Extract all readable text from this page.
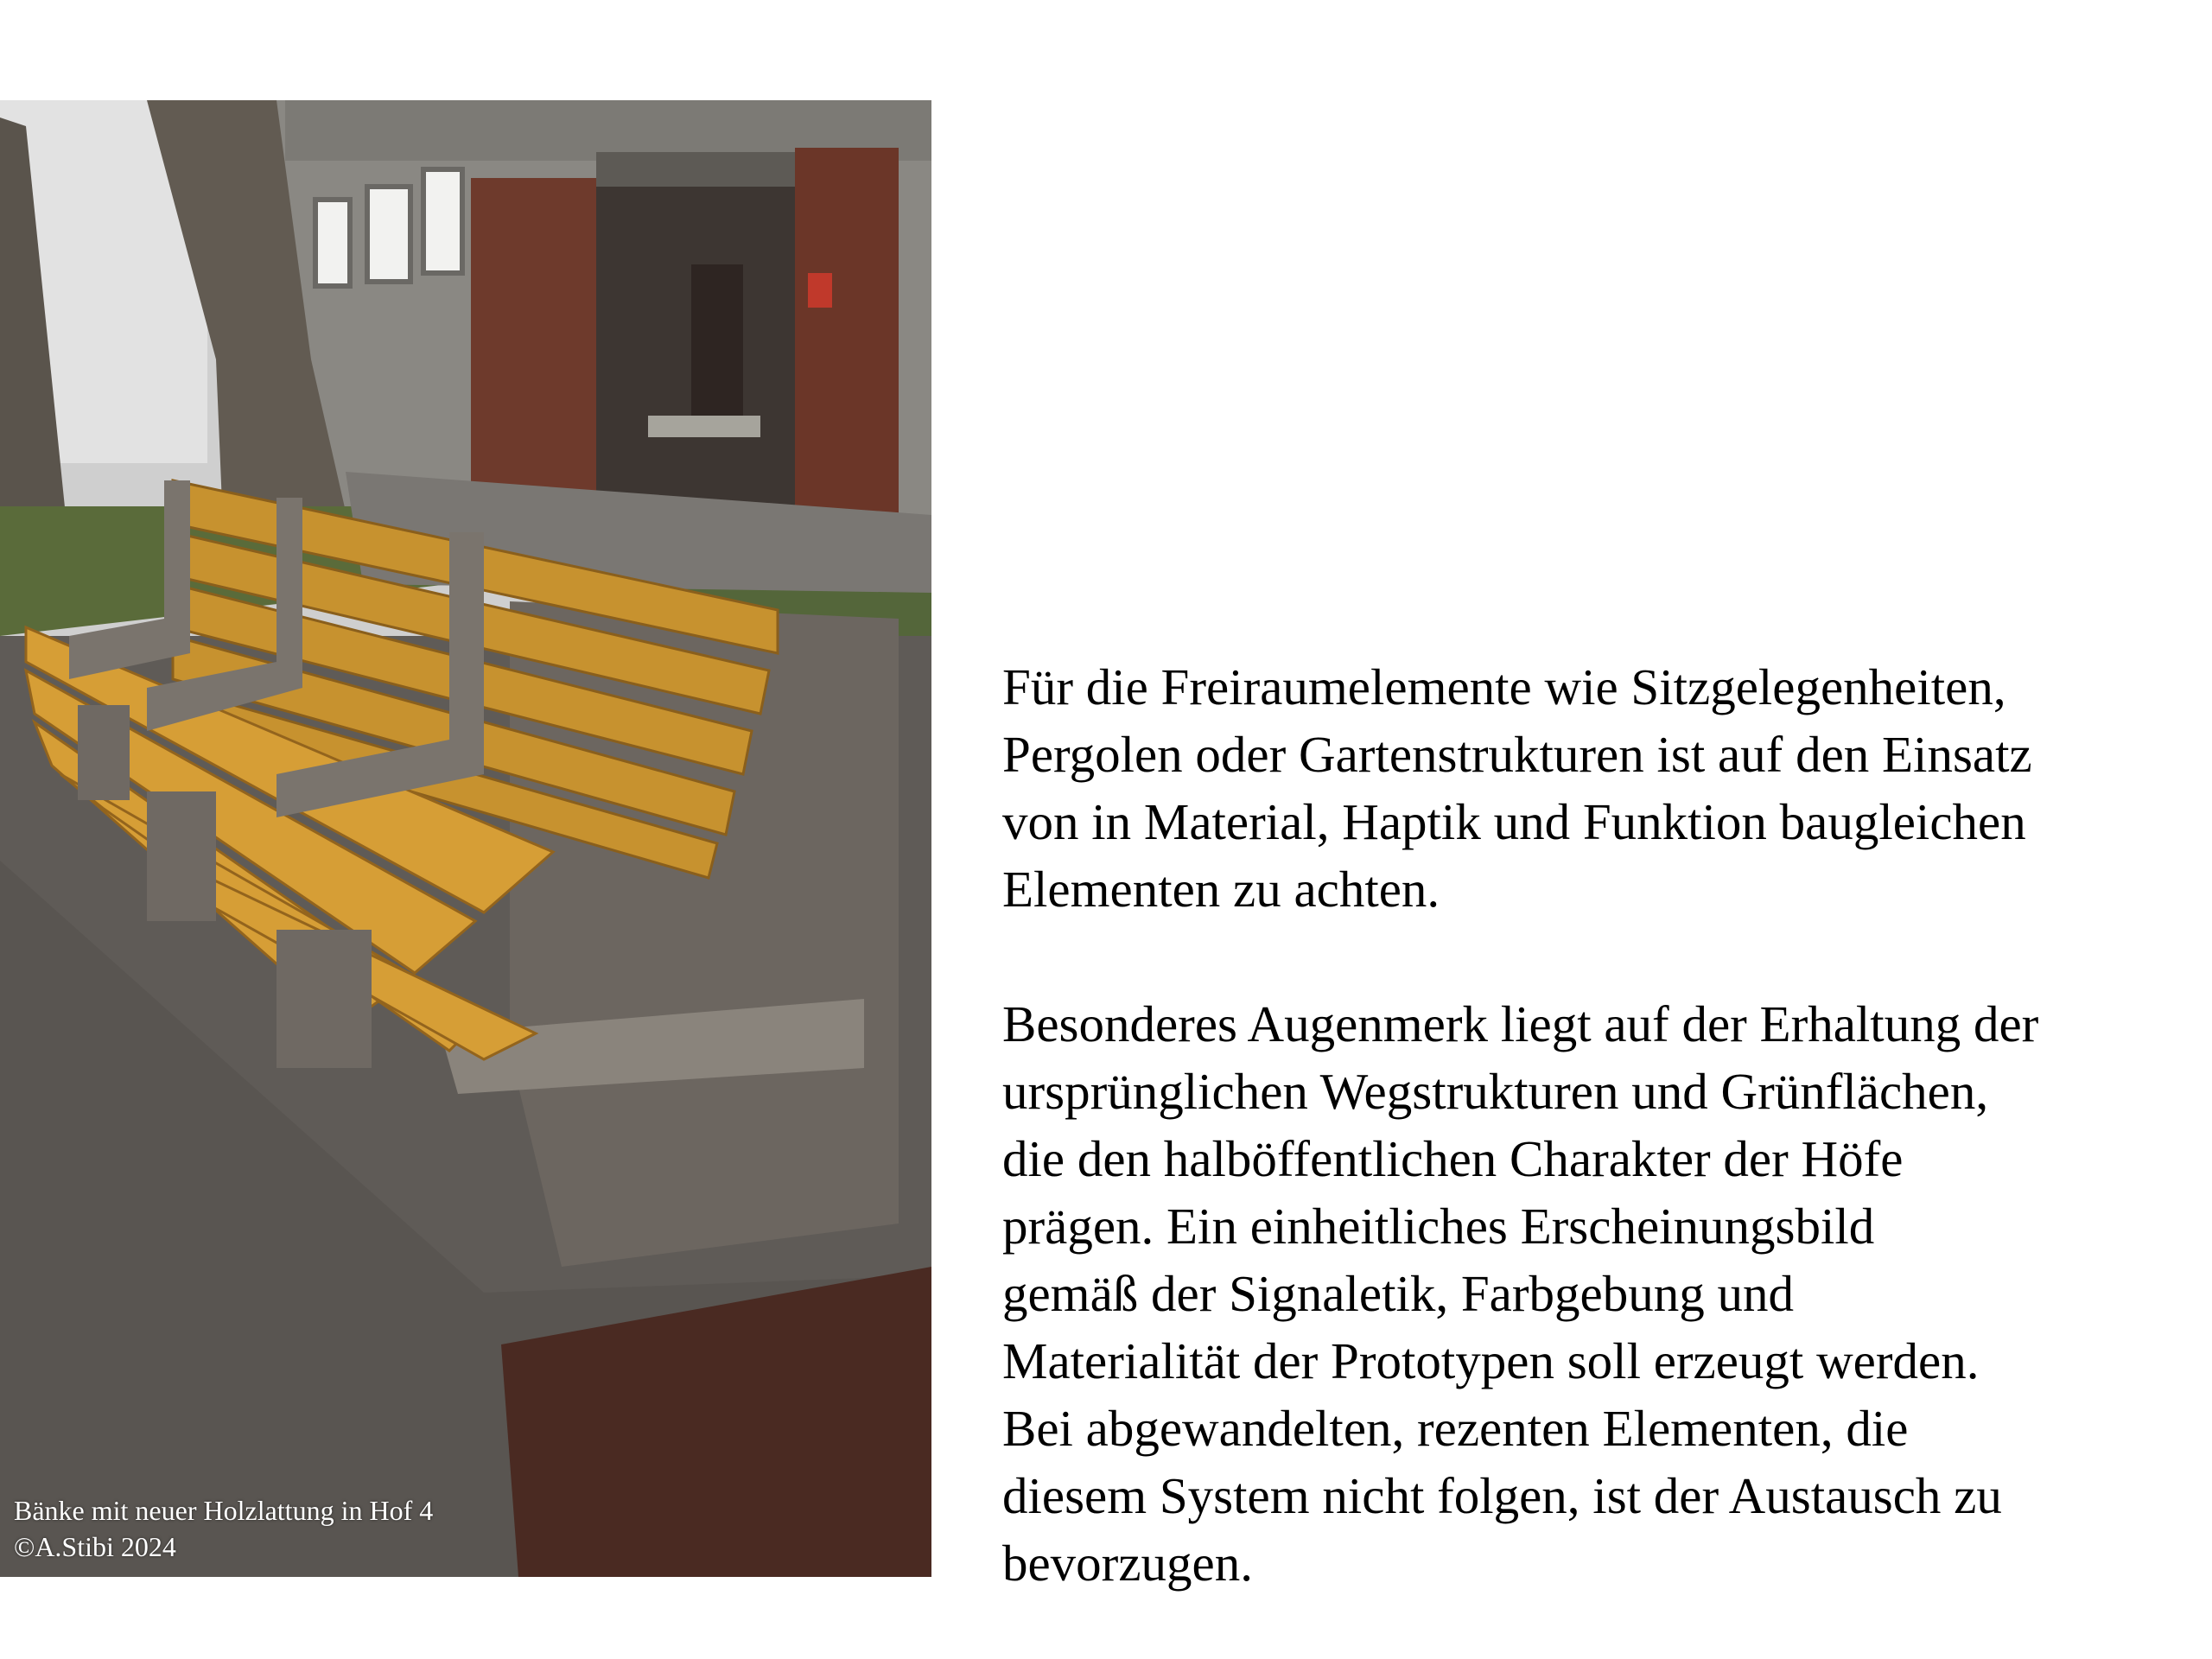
Bänke mit neuer Holzlattung in Hof 4
©A.Stibi 2024

Für die Freiraumelemente wie Sitzgelegenheiten,
Pergolen oder Gartenstrukturen ist auf den Einsatz
von in Material, Haptik und Funktion baugleichen
Elementen zu achten.

Besonderes Augenmerk liegt auf der Erhaltung der
ursprünglichen Wegstrukturen und Grünflächen,
die den halböffentlichen Charakter der Höfe
prägen. Ein einheitliches Erscheinungsbild
gemäß der Signaletik, Farbgebung und
Materialität der Prototypen soll erzeugt werden.
Bei abgewandelten, rezenten Elementen, die
diesem System nicht folgen, ist der Austausch zu
bevorzugen.
